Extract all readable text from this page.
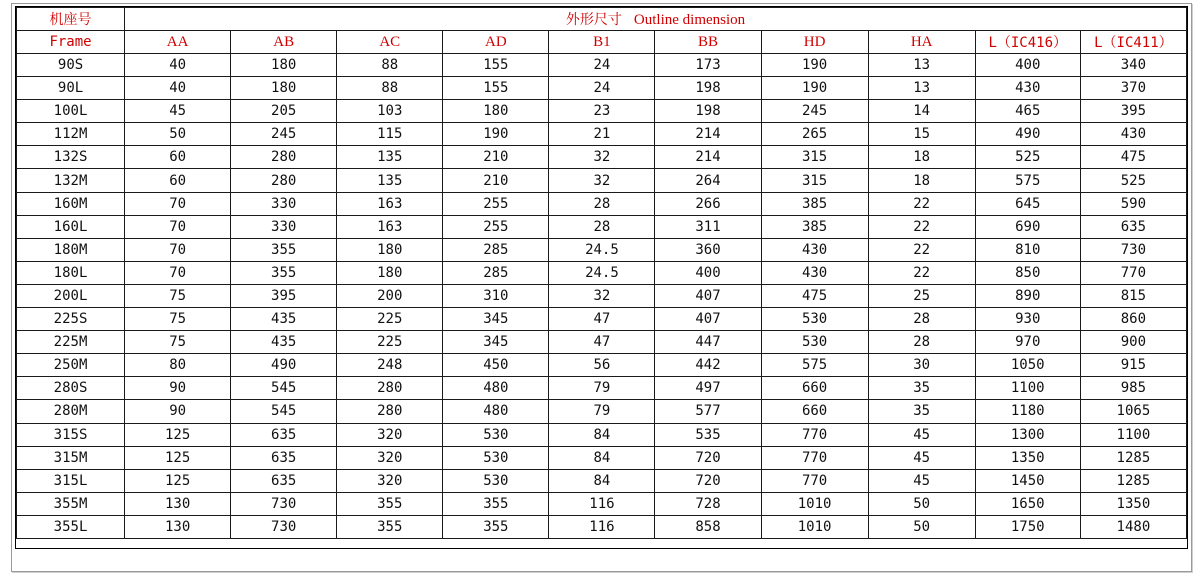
机座号	外形尺寸 Outline dimension									
Frame	AA	AB	AC	AD	B1	BB	HD	HA	L（IC416）	L（IC411）
90S	40	180	88	155	24	173	190	13	400	340
90L	40	180	88	155	24	198	190	13	430	370
100L	45	205	103	180	23	198	245	14	465	395
112M	50	245	115	190	21	214	265	15	490	430
132S	60	280	135	210	32	214	315	18	525	475
132M	60	280	135	210	32	264	315	18	575	525
160M	70	330	163	255	28	266	385	22	645	590
160L	70	330	163	255	28	311	385	22	690	635
180M	70	355	180	285	24.5	360	430	22	810	730
180L	70	355	180	285	24.5	400	430	22	850	770
200L	75	395	200	310	32	407	475	25	890	815
225S	75	435	225	345	47	407	530	28	930	860
225M	75	435	225	345	47	447	530	28	970	900
250M	80	490	248	450	56	442	575	30	1050	915
280S	90	545	280	480	79	497	660	35	1100	985
280M	90	545	280	480	79	577	660	35	1180	1065
315S	125	635	320	530	84	535	770	45	1300	1100
315M	125	635	320	530	84	720	770	45	1350	1285
315L	125	635	320	530	84	720	770	45	1450	1285
355M	130	730	355	355	116	728	1010	50	1650	1350
355L	130	730	355	355	116	858	1010	50	1750	1480
